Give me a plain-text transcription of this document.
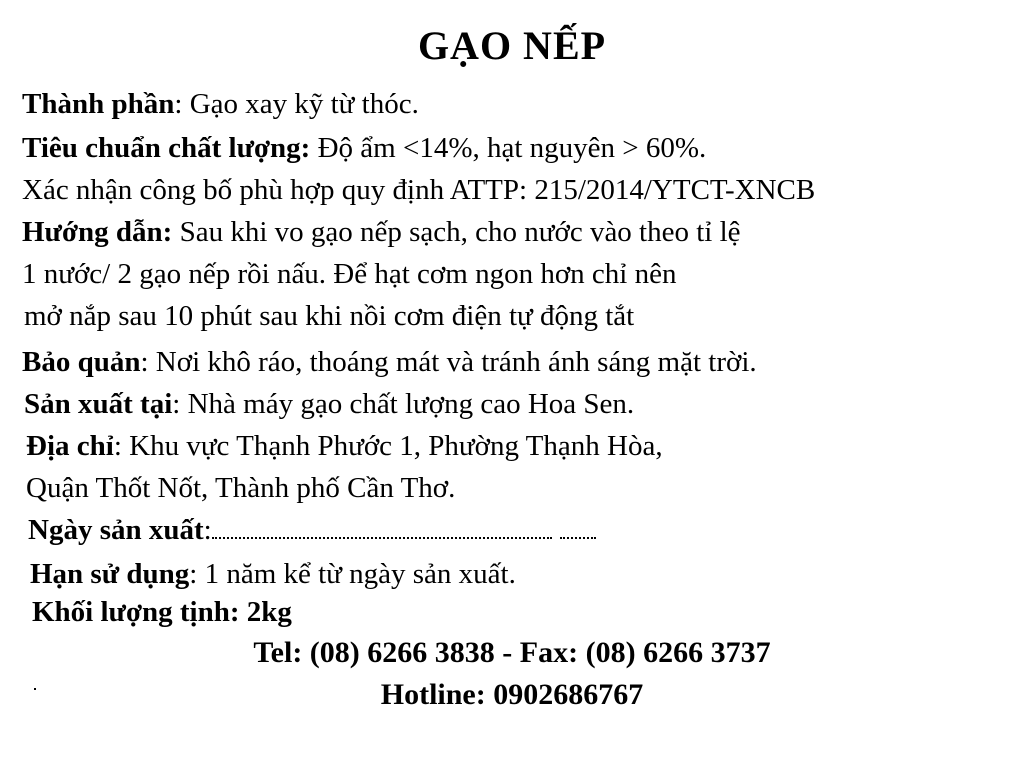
GẠO NẾP
Thành phần: Gạo xay kỹ từ thóc.
Tiêu chuẩn chất lượng: Độ ẩm <14%, hạt nguyên > 60%.
Xác nhận công bố phù hợp quy định ATTP: 215/2014/YTCT-XNCB
Hướng dẫn: Sau khi vo gạo nếp sạch, cho nước vào theo tỉ lệ
1 nước/ 2 gạo nếp rồi nấu. Để hạt cơm ngon hơn chỉ nên
mở nắp sau 10 phút sau khi nồi cơm điện tự động tắt
Bảo quản: Nơi khô ráo, thoáng mát và tránh ánh sáng mặt trời.
Sản xuất tại: Nhà máy gạo chất lượng cao Hoa Sen.
Địa chỉ: Khu vực Thạnh Phước 1, Phường Thạnh Hòa,
Quận Thốt Nốt, Thành phố Cần Thơ.
Ngày sản xuất:
Hạn sử dụng: 1 năm kể từ ngày sản xuất.
Khối lượng tịnh: 2kg
Tel: (08) 6266 3838 - Fax: (08) 6266 3737
Hotline: 0902686767
